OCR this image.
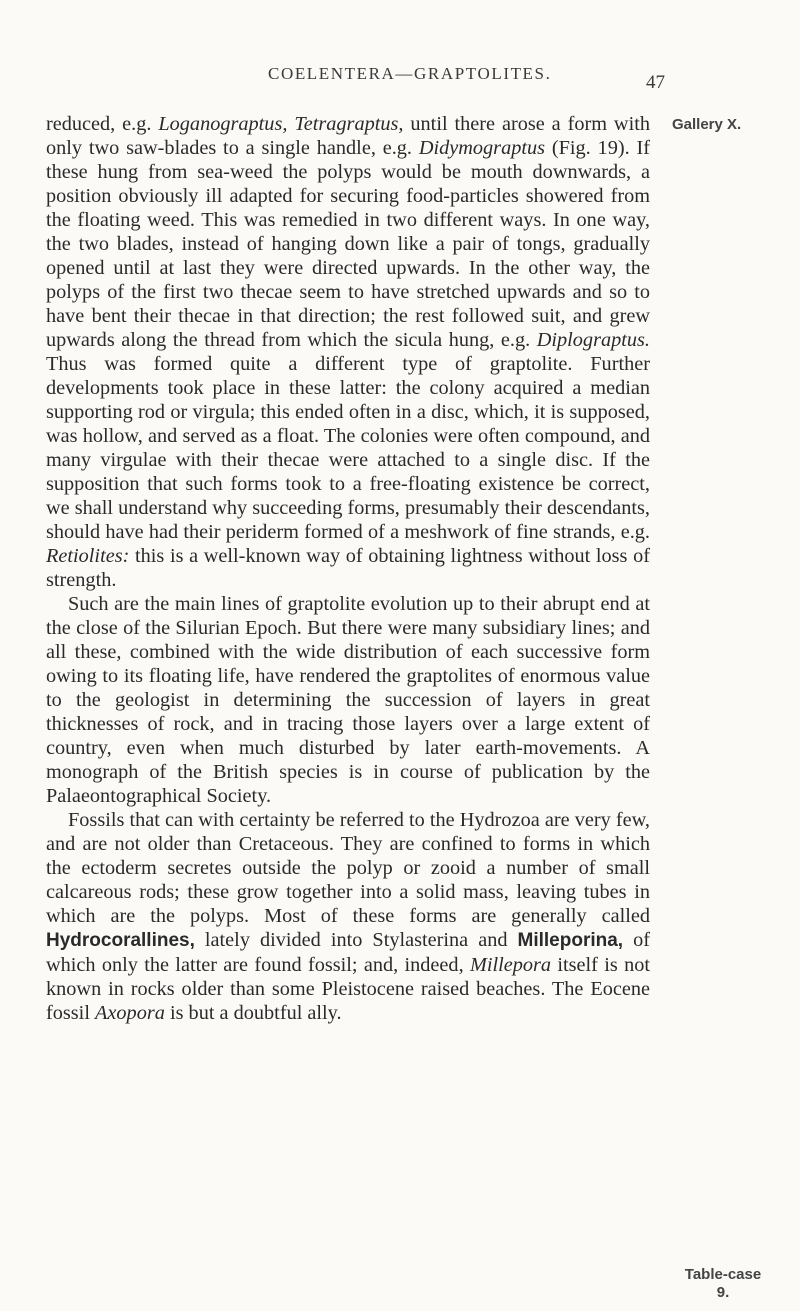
COELENTERA—GRAPTOLITES.	47
Gallery X.
Table-case
9.

reduced, e.g. Loganograptus, Tetragraptus, until there arose a form with only two saw-blades to a single handle, e.g. Didymograptus (Fig. 19). If these hung from sea-weed the polyps would be mouth downwards, a position obviously ill adapted for securing food-particles showered from the floating weed. This was remedied in two different ways. In one way, the two blades, instead of hanging down like a pair of tongs, gradually opened until at last they were directed upwards. In the other way, the polyps of the first two thecae seem to have stretched upwards and so to have bent their thecae in that direction; the rest followed suit, and grew upwards along the thread from which the sicula hung, e.g. Diplograptus. Thus was formed quite a different type of graptolite. Further developments took place in these latter: the colony acquired a median supporting rod or virgula; this ended often in a disc, which, it is supposed, was hollow, and served as a float. The colonies were often compound, and many virgulae with their thecae were attached to a single disc. If the supposition that such forms took to a free-floating existence be correct, we shall understand why succeeding forms, presumably their descendants, should have had their periderm formed of a meshwork of fine strands, e.g. Retiolites: this is a well-known way of obtaining lightness without loss of strength.

Such are the main lines of graptolite evolution up to their abrupt end at the close of the Silurian Epoch. But there were many subsidiary lines; and all these, combined with the wide distribution of each successive form owing to its floating life, have rendered the graptolites of enormous value to the geologist in determining the succession of layers in great thicknesses of rock, and in tracing those layers over a large extent of country, even when much disturbed by later earth-movements. A monograph of the British species is in course of publication by the Palaeontographical Society.

Fossils that can with certainty be referred to the Hydrozoa are very few, and are not older than Cretaceous. They are confined to forms in which the ectoderm secretes outside the polyp or zooid a number of small calcareous rods; these grow together into a solid mass, leaving tubes in which are the polyps. Most of these forms are generally called Hydrocorallines, lately divided into Stylasterina and Milleporina, of which only the latter are found fossil; and, indeed, Millepora itself is not known in rocks older than some Pleistocene raised beaches. The Eocene fossil Axopora is but a doubtful ally.
